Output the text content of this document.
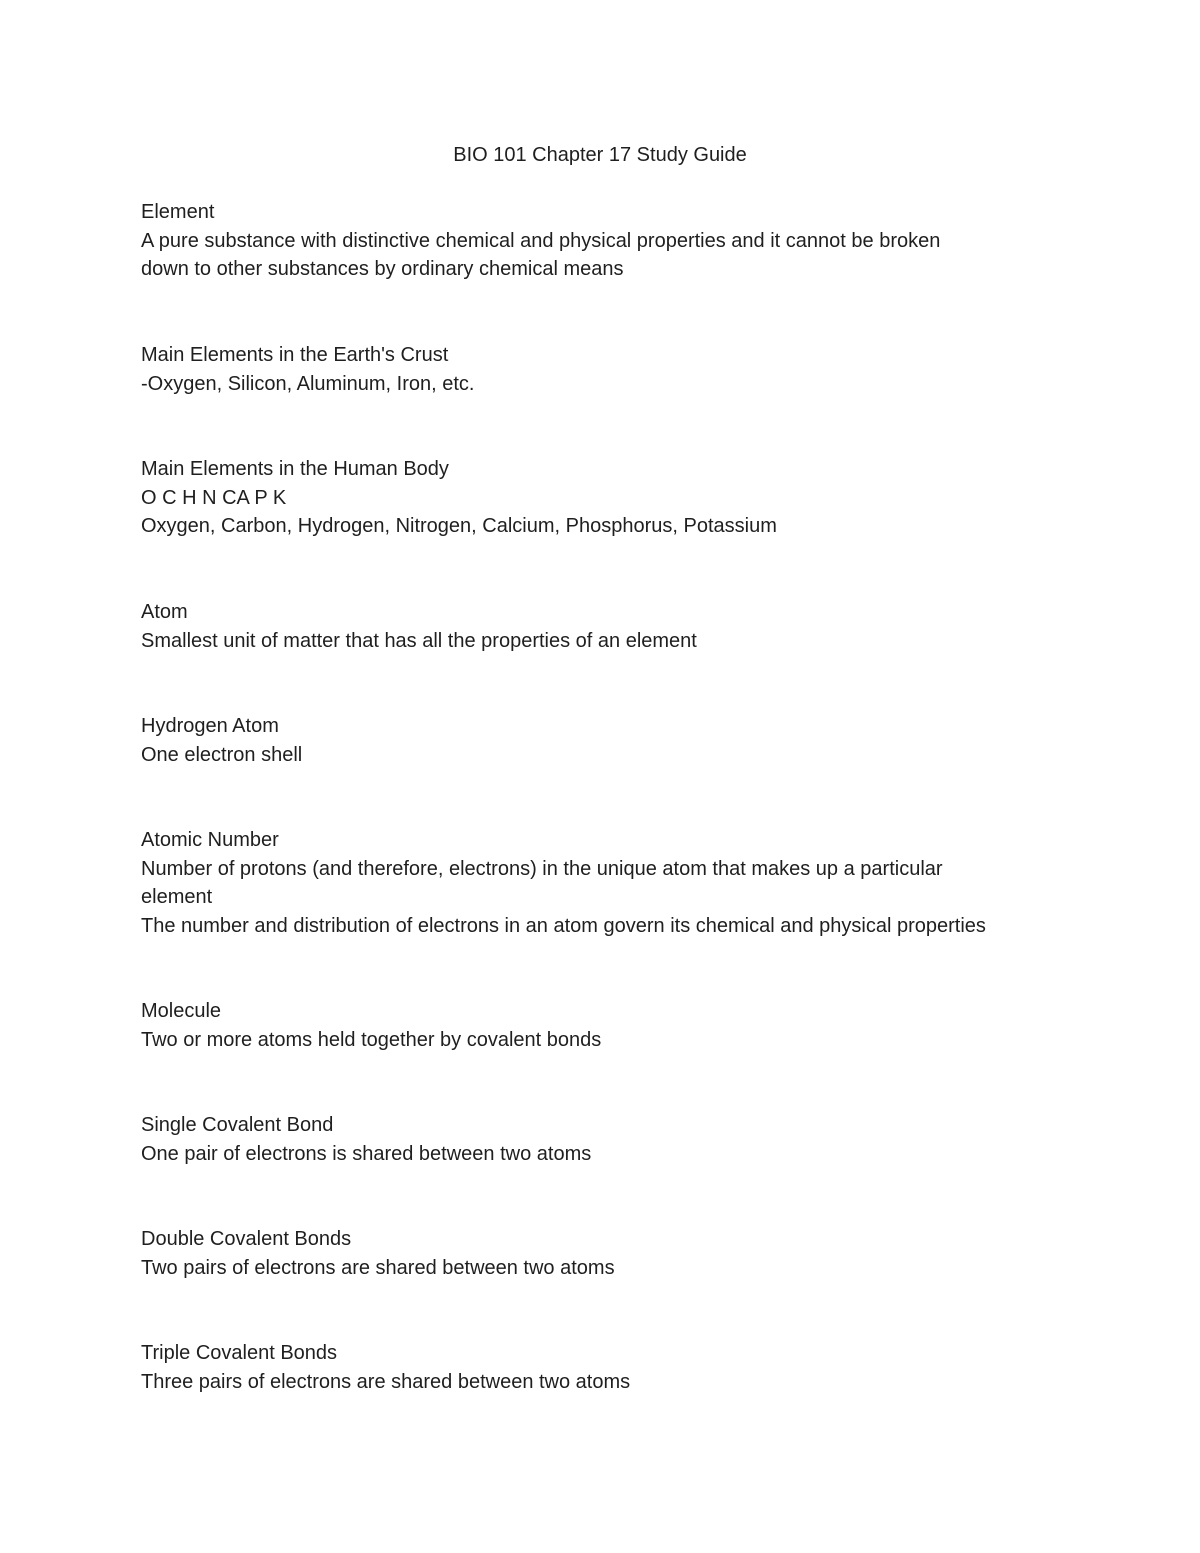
BIO 101 Chapter 17 Study Guide
Element
A pure substance with distinctive chemical and physical properties and it cannot be broken
down to other substances by ordinary chemical means
Main Elements in the Earth's Crust
-Oxygen, Silicon, Aluminum, Iron, etc.
Main Elements in the Human Body
O C H N CA P K
Oxygen, Carbon, Hydrogen, Nitrogen, Calcium, Phosphorus, Potassium
Atom
Smallest unit of matter that has all the properties of an element
Hydrogen Atom
One electron shell
Atomic Number
Number of protons (and therefore, electrons) in the unique atom that makes up a particular
element
The number and distribution of electrons in an atom govern its chemical and physical properties
Molecule
Two or more atoms held together by covalent bonds
Single Covalent Bond
One pair of electrons is shared between two atoms
Double Covalent Bonds
Two pairs of electrons are shared between two atoms
Triple Covalent Bonds
Three pairs of electrons are shared between two atoms
